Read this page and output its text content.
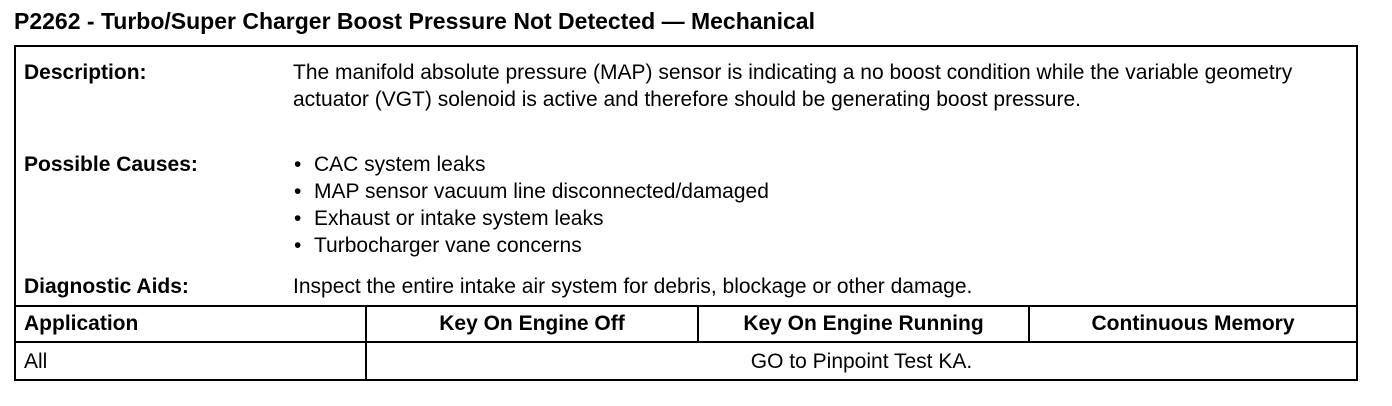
P2262 - Turbo/Super Charger Boost Pressure Not Detected — Mechanical
Description:	The manifold absolute pressure (MAP) sensor is indicating a no boost condition while the variable geometry actuator (VGT) solenoid is active and therefore should be generating boost pressure.
Possible Causes:
•	CAC system leaks
• MAP sensor vacuum line disconnected/damaged
• Exhaust or intake system leaks
• Turbocharger vane concerns
Diagnostic Aids:	Inspect the entire intake air system for debris, blockage or other damage.
Application	Key On Engine Off	Key On Engine Running	Continuous Memory
All	GO to Pinpoint Test KA.
